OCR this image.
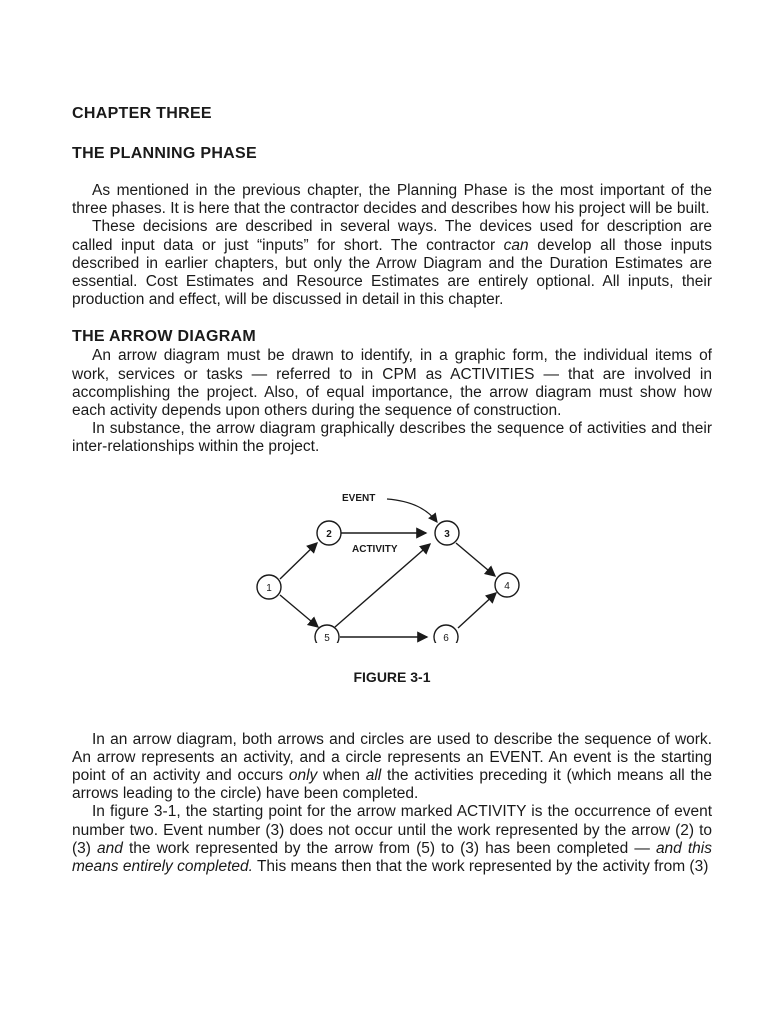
CHAPTER THREE
THE PLANNING PHASE

As mentioned in the previous chapter, the Planning Phase is the most important of the three phases. It is here that the contractor decides and describes how his project will be built.

These decisions are described in several ways. The devices used for description are called input data or just “inputs” for short. The contractor can develop all those inputs described in earlier chapters, but only the Arrow Diagram and the Duration Estimates are essential. Cost Estimates and Resource Estimates are entirely optional. All inputs, their production and effect, will be discussed in detail in this chapter.

THE ARROW DIAGRAM

An arrow diagram must be drawn to identify, in a graphic form, the individual items of work, services or tasks — referred to in CPM as ACTIVITIES — that are involved in accomplishing the project. Also, of equal importance, the arrow diagram must show how each activity depends upon others during the sequence of construction.

In substance, the arrow diagram graphically describes the sequence of activities and their inter-relationships within the project.

EVENT
ACTIVITY
1
2	3
4
5	6
FIGURE 3-1

In an arrow diagram, both arrows and circles are used to describe the sequence of work. An arrow represents an activity, and a circle represents an EVENT. An event is the starting point of an activity and occurs only when all the activities preceding it (which means all the arrows leading to the circle) have been completed.

In figure 3-1, the starting point for the arrow marked ACTIVITY is the occurrence of event number two. Event number (3) does not occur until the work represented by the arrow (2) to (3) and the work represented by the arrow from (5) to (3) has been completed — and this means entirely completed. This means then that the work represented by the activity from (3)
